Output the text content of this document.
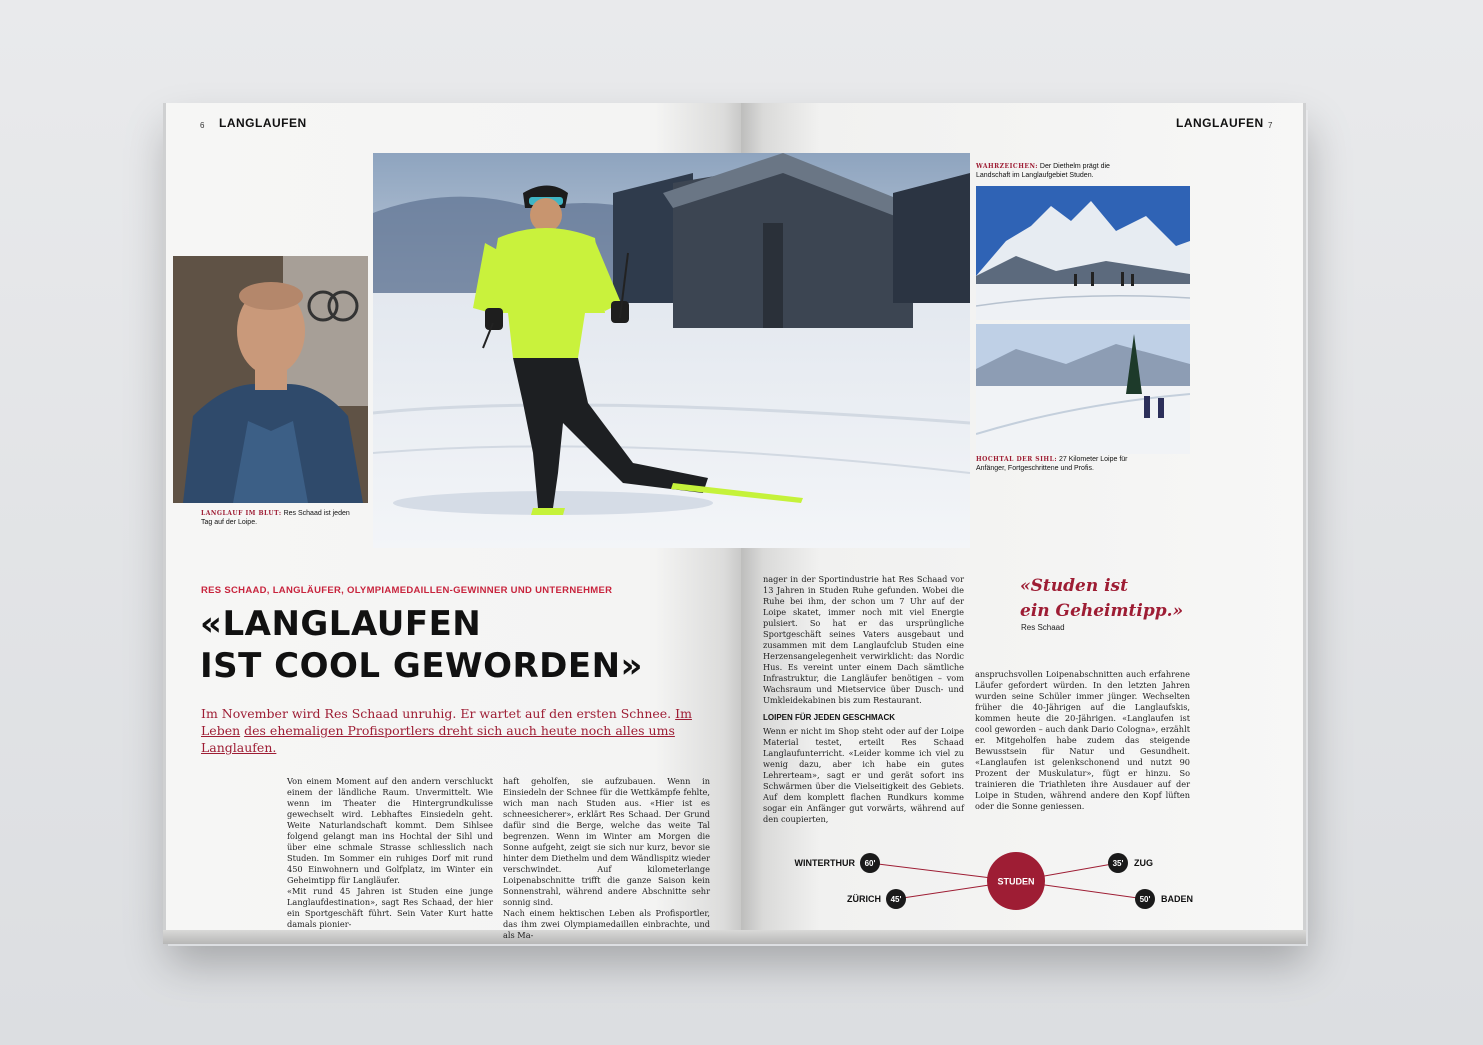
6 LANGLAUFEN	LANGLAUFEN 7
LANGLAUF IM BLUT: Res Schaad ist jeden Tag auf der Loipe.
WAHRZEICHEN: Der Diethelm prägt die Landschaft im Langlaufgebiet Studen.
HOCHTAL DER SIHL: 27 Kilometer Loipe für Anfänger, Fortgeschrittene und Profis.
RES SCHAAD, LANGLÄUFER, OLYMPIAMEDAILLEN-GEWINNER UND UNTERNEHMER
«LANGLAUFEN
IST COOL GEWORDEN»
Im November wird Res Schaad unruhig. Er wartet auf den ersten Schnee. Im Leben des ehemaligen Profisportlers dreht sich auch heute noch alles ums Langlaufen.

Von einem Moment auf den andern verschluckt einem der ländliche Raum. Unvermittelt. Wie wenn im Theater die Hintergrundkulisse gewechselt wird. Lebhaftes Einsiedeln geht. Weite Naturlandschaft kommt. Dem Sihlsee folgend gelangt man ins Hochtal der Sihl und über eine schmale Strasse schliesslich nach Studen. Im Sommer ein ruhiges Dorf mit rund 450 Einwohnern und Golfplatz, im Winter ein Geheimtipp für Langläufer.

«Mit rund 45 Jahren ist Studen eine junge Langlaufdestination», sagt Res Schaad, der hier ein Sportgeschäft führt. Sein Vater Kurt hatte damals pionier-

haft geholfen, sie aufzubauen. Wenn in Einsiedeln der Schnee für die Wettkämpfe fehlte, wich man nach Studen aus. «Hier ist es schneesicherer», erklärt Res Schaad. Der Grund dafür sind die Berge, welche das weite Tal begrenzen. Wenn im Winter am Morgen die Sonne aufgeht, zeigt sie sich nur kurz, bevor sie hinter dem Diethelm und dem Wändlispitz wieder verschwindet. Auf kilometerlange Loipenabschnitte trifft die ganze Saison kein Sonnenstrahl, während andere Abschnitte sehr sonnig sind.

Nach einem hektischen Leben als Profisportler, das ihm zwei Olympiamedaillen einbrachte, und als Ma-

nager in der Sportindustrie hat Res Schaad vor 13 Jahren in Studen Ruhe gefunden. Wobei die Ruhe bei ihm, der schon um 7 Uhr auf der Loipe skatet, immer noch mit viel Energie pulsiert. So hat er das ursprüngliche Sportgeschäft seines Vaters ausgebaut und zusammen mit dem Langlaufclub Studen eine Herzensangelegenheit verwirklicht: das Nordic Hus. Es vereint unter einem Dach sämtliche Infrastruktur, die Langläufer benötigen – vom Wachsraum und Mietservice über Dusch- und Umkleidekabinen bis zum Restaurant.

LOIPEN FÜR JEDEN GESCHMACK

Wenn er nicht im Shop steht oder auf der Loipe Material testet, erteilt Res Schaad Langlaufunterricht. «Leider komme ich viel zu wenig dazu, aber ich habe ein gutes Lehrerteam», sagt er und gerät sofort ins Schwärmen über die Vielseitigkeit des Gebiets. Auf dem komplett flachen Rundkurs komme sogar ein Anfänger gut vorwärts, während auf den coupierten,

«Studen ist
ein Geheimtipp.»
Res Schaad

anspruchsvollen Loipenabschnitten auch erfahrene Läufer gefordert würden. In den letzten Jahren wurden seine Schüler immer jünger. Wechselten früher die 40-Jährigen auf die Langlaufskis, kommen heute die 20-Jährigen. «Langlaufen ist cool geworden – auch dank Dario Cologna», erzählt er. Mitgeholfen habe zudem das steigende Bewusstsein für Natur und Gesundheit. «Langlaufen ist gelenkschonend und nutzt 90 Prozent der Muskulatur», fügt er hinzu. So trainieren die Triathleten ihre Ausdauer auf der Loipe in Studen, während andere den Kopf lüften oder die Sonne geniessen.

STUDEN
60'
WINTERTHUR
45'
ZÜRICH
35' ZUG
50' BADEN
